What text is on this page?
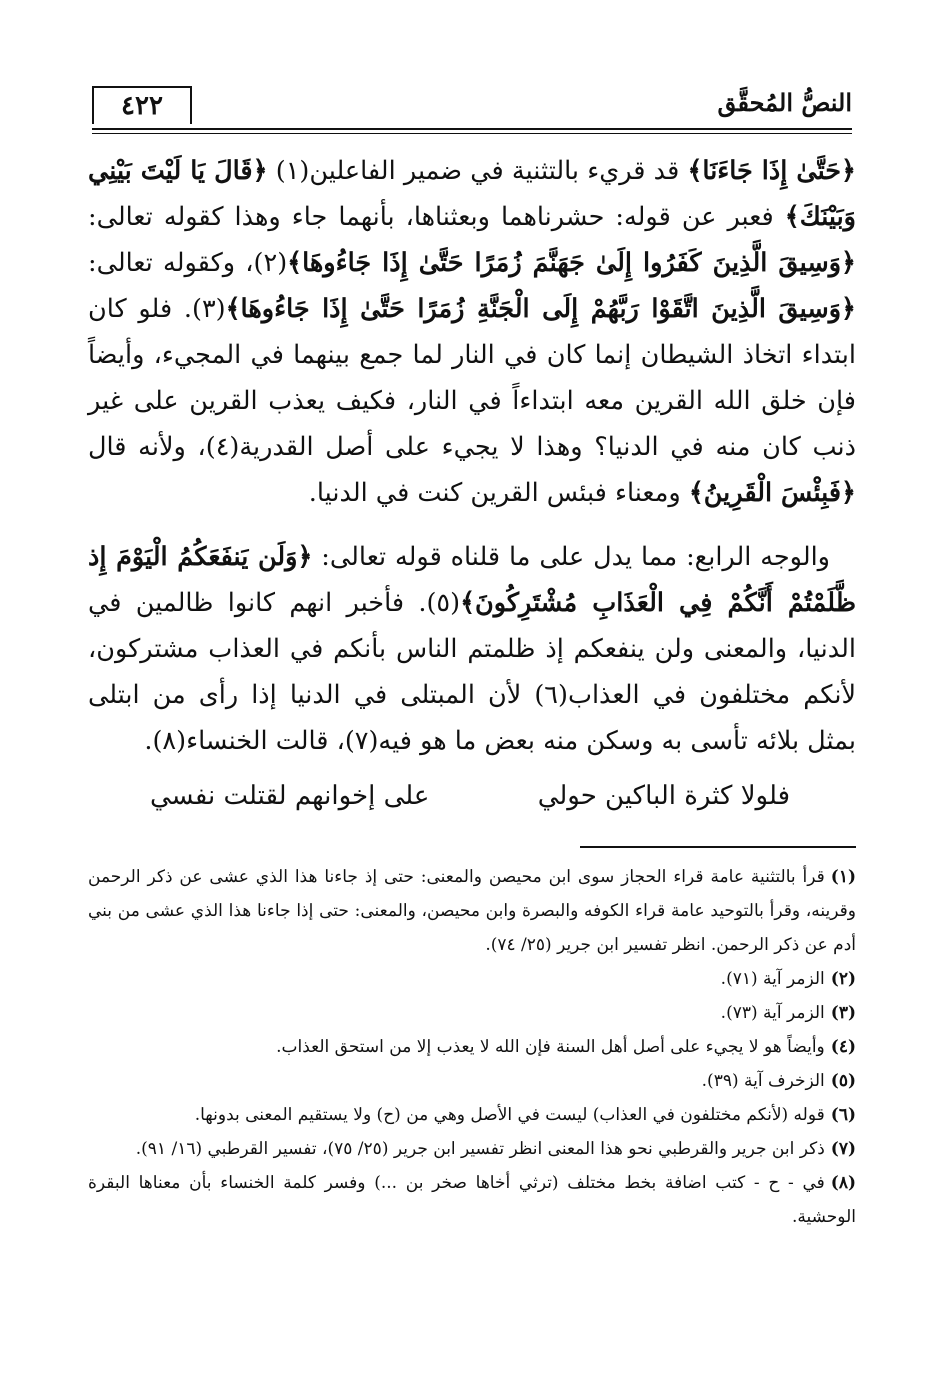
٤٢٢	النصُّ المُحقَّق

﴿حَتَّىٰ إِذَا جَاءَنَا﴾ قد قريء بالتثنية في ضمير الفاعلين(١) ﴿قَالَ يَا لَيْتَ بَيْنِي وَبَيْنَكَ﴾ فعبر عن قوله: حشرناهما وبعثناها، بأنهما جاء وهذا كقوله تعالى: ﴿وَسِيقَ الَّذِينَ كَفَرُوا إِلَىٰ جَهَنَّمَ زُمَرًا حَتَّىٰ إِذَا جَاءُوهَا﴾(٢)، وكقوله تعالى: ﴿وَسِيقَ الَّذِينَ اتَّقَوْا رَبَّهُمْ إِلَى الْجَنَّةِ زُمَرًا حَتَّىٰ إِذَا جَاءُوهَا﴾(٣). فلو كان ابتداء اتخاذ الشيطان إنما كان في النار لما جمع بينهما في المجيء، وأيضاً فإن خلق الله القرين معه ابتداءاً في النار، فكيف يعذب القرين على غير ذنب كان منه في الدنيا؟ وهذا لا يجيء على أصل القدرية(٤)، ولأنه قال ﴿فَبِئْسَ الْقَرِينُ﴾ ومعناء فبئس القرين كنت في الدنيا.

والوجه الرابع: مما يدل على ما قلناه قوله تعالى: ﴿وَلَن يَنفَعَكُمُ الْيَوْمَ إِذ ظَّلَمْتُمْ أَنَّكُمْ فِي الْعَذَابِ مُشْتَرِكُونَ﴾(٥). فأخبر انهم كانوا ظالمين في الدنيا، والمعنى ولن ينفعكم إذ ظلمتم الناس بأنكم في العذاب مشتركون، لأنكم مختلفون في العذاب(٦) لأن المبتلى في الدنيا إذا رأى من ابتلى بمثل بلائه تأسى به وسكن منه بعض ما هو فيه(٧)، قالت الخنساء(٨).

فلولا كثرة الباكين حولي
على إخوانهم لقتلت نفسي

(١)قرأ بالتثنية عامة قراء الحجاز سوى ابن محيصن والمعنى: حتى إذ جاءنا هذا الذي عشى عن ذكر الرحمن وقرينه، وقرأ بالتوحيد عامة قراء الكوفه والبصرة وابن محيصن، والمعنى: حتى إذا جاءنا هذا الذي عشى من بني أدم عن ذكر الرحمن. انظر تفسير ابن جرير (٢٥/ ٧٤).

(٢)الزمر آية (٧١).

(٣)الزمر آية (٧٣).

(٤)وأيضاً هو لا يجيء على أصل أهل السنة فإن الله لا يعذب إلا من استحق العذاب.

(٥)الزخرف آية (٣٩).

(٦)قوله (لأنكم مختلفون في العذاب) ليست في الأصل وهي من (ح) ولا يستقيم المعنى بدونها.

(٧)ذكر ابن جرير والقرطبي نحو هذا المعنى انظر تفسير ابن جرير (٢٥/ ٧٥)، تفسير القرطبي (١٦/ ٩١).

(٨)في - ح - كتب اضافة بخط مختلف (ترثي أخاها صخر بن ...) وفسر كلمة الخنساء بأن معناها البقرة الوحشية.
